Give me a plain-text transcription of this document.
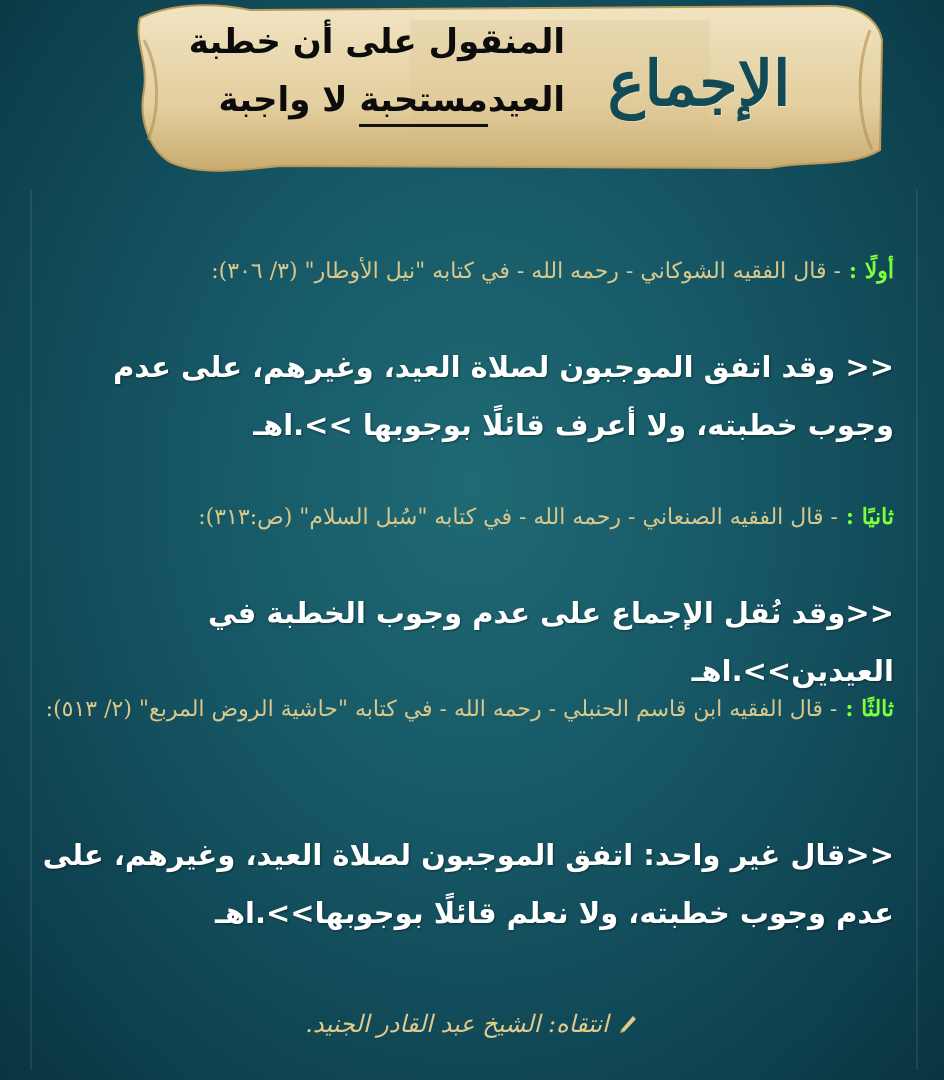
الإجماع
المنقول على أن خطبة
العيدمستحبة لا واجبة
أولًا :- قال الفقيه الشوكاني - رحمه الله - في كتابه "نيل الأوطار" (٣/ ٣٠٦):
<< وقد اتفق الموجبون لصلاة العيد، وغيرهم، على عدم وجوب خطبته، ولا أعرف قائلًا بوجوبها >>.اهـ
ثانيًا :- قال الفقيه الصنعاني - رحمه الله - في كتابه "سُبل السلام" (ص:٣١٣):
<<وقد نُقل الإجماع على عدم وجوب الخطبة في العيدين>>.اهـ
ثالثًا :- قال الفقيه ابن قاسم الحنبلي - رحمه الله - في كتابه "حاشية الروض المربع" (٢/ ٥١٣):
<<قال غير واحد: اتفق الموجبون لصلاة العيد، وغيرهم، على عدم وجوب خطبته، ولا نعلم قائلًا بوجوبها>>.اهـ
انتقاه: الشيخ عبد القادر الجنيد.
